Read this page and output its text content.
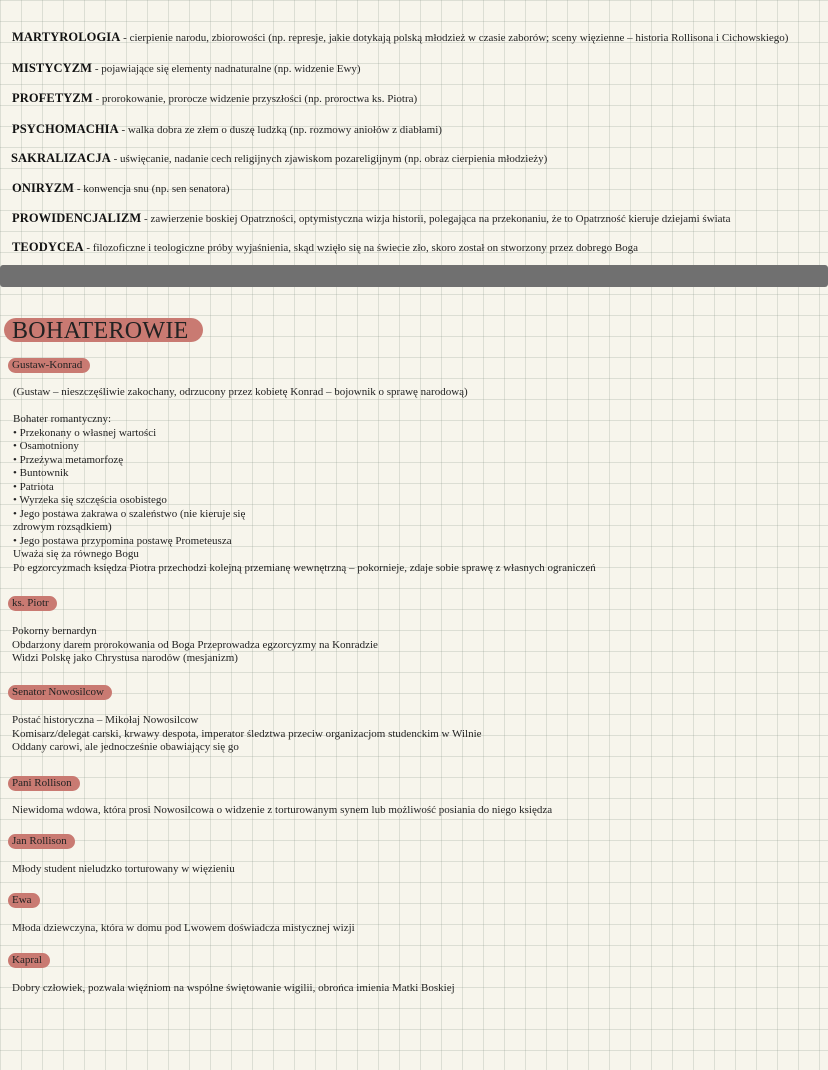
MARTYROLOGIA - cierpienie narodu, zbiorowości (np. represje, jakie dotykają polską młodzież w czasie zaborów; sceny więzienne – historia Rollisona i Cichowskiego)
MISTYCYZM - pojawiające się elementy nadnaturalne (np. widzenie Ewy)
PROFETYZM - prorokowanie, prorocze widzenie przyszłości (np. proroctwa ks. Piotra)
PSYCHOMACHIA - walka dobra ze złem o duszę ludzką (np. rozmowy aniołów z diabłami)
SAKRALIZACJA - uświęcanie, nadanie cech religijnych zjawiskom pozareligijnym (np. obraz cierpienia młodzieży)
ONIRYZM - konwencja snu (np. sen senatora)
PROWIDENCJALIZM - zawierzenie boskiej Opatrzności, optymistyczna wizja historii, polegająca na przekonaniu, że to Opatrzność kieruje dziejami świata
TEODYCEA - filozoficzne i teologiczne próby wyjaśnienia, skąd wzięło się na świecie zło, skoro został on stworzony przez dobrego Boga
BOHATEROWIE
Gustaw-Konrad
(Gustaw – nieszczęśliwie zakochany, odrzucony przez kobietę Konrad – bojownik o sprawę narodową)
Bohater romantyczny:
• Przekonany o własnej wartości
• Osamotniony
• Przeżywa metamorfozę
• Buntownik
• Patriota
• Wyrzeka się szczęścia osobistego
• Jego postawa zakrawa o szaleństwo (nie kieruje się
zdrowym rozsądkiem)
• Jego postawa przypomina postawę Prometeusza
Uważa się za równego Bogu
Po egzorcyzmach księdza Piotra przechodzi kolejną przemianę wewnętrzną – pokornieje, zdaje sobie sprawę z własnych ograniczeń
ks. Piotr
Pokorny bernardyn
Obdarzony darem prorokowania od Boga Przeprowadza egzorcyzmy na Konradzie
Widzi Polskę jako Chrystusa narodów (mesjanizm)
Senator Nowosilcow
Postać historyczna – Mikołaj Nowosilcow
Komisarz/delegat carski, krwawy despota, imperator śledztwa przeciw organizacjom studenckim w Wilnie
Oddany carowi, ale jednocześnie obawiający się go
Pani Rollison
Niewidoma wdowa, która prosi Nowosilcowa o widzenie z torturowanym synem lub możliwość posiania do niego księdza
Jan Rollison
Młody student nieludzko torturowany w więzieniu
Ewa
Młoda dziewczyna, która w domu pod Lwowem doświadcza mistycznej wizji
Kapral
Dobry człowiek, pozwala więźniom na wspólne świętowanie wigilii, obrońca imienia Matki Boskiej
